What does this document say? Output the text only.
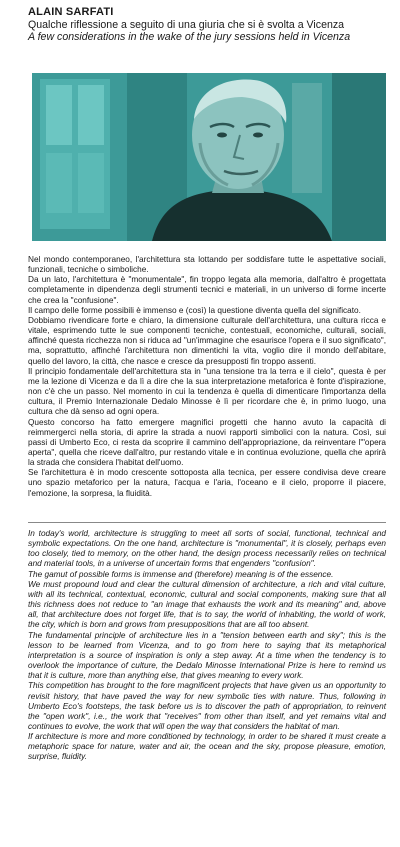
ALAIN SARFATI

Qualche riflessione a seguito di una giuria che si è svolta a Vicenza

A few considerations in the wake of the jury sessions held in Vicenza

Nel mondo contemporaneo, l'architettura sta lottando per soddisfare tutte le aspettative sociali, funzionali, tecniche o simboliche.

Da un lato, l'architettura è "monumentale", fin troppo legata alla memoria, dall'altro è progettata completamente in dipendenza degli strumenti tecnici e materiali, in un universo di forme incerte che crea la "confusione".

Il campo delle forme possibili è immenso e (così) la questione diventa quella del significato.

Dobbiamo rivendicare forte e chiaro, la dimensione culturale dell'architettura, una cultura ricca e vitale, esprimendo tutte le sue componenti tecniche, contestuali, economiche, culturali, sociali, affinché questa ricchezza non si riduca ad "un'immagine che esaurisce l'opera e il suo significato", ma, soprattutto, affinché l'architettura non dimentichi la vita, voglio dire il mondo dell'abitare, quello del lavoro, la città, che nasce e cresce da presupposti fin troppo assenti.

Il principio fondamentale dell'architettura sta in "una tensione tra la terra e il cielo", questa è per me la lezione di Vicenza e da lì a dire che la sua interpretazione metaforica è fonte d'ispirazione, non c'è che un passo. Nel momento in cui la tendenza è quella di dimenticare l'importanza della cultura, il Premio Internazionale Dedalo Minosse è lì per ricordare che è, in primo luogo, una cultura che dà senso ad ogni opera.

Questo concorso ha fatto emergere magnifici progetti che hanno avuto la capacità di reimmergerci nella storia, di aprire la strada a nuovi rapporti simbolici con la natura. Così, sui passi di Umberto Eco, ci resta da scoprire il cammino dell'appropriazione, da reinventare l'"opera aperta", quella che riceve dall'altro, pur restando vitale e in continua evoluzione, quella che aprirà la strada che considera l'habitat dell'uomo.

Se l'architettura è in modo crescente sottoposta alla tecnica, per essere condivisa deve creare uno spazio metaforico per la natura, l'acqua e l'aria, l'oceano e il cielo, proporre il piacere, l'emozione, la sorpresa, la fluidità.

In today's world, architecture is struggling to meet all sorts of social, functional, technical and symbolic expectations. On the one hand, architecture is "monumental", it is closely, perhaps even too closely, tied to memory, on the other hand, the design process necessarily relies on technical and material tools, in a universe of uncertain forms that engenders "confusion".

The gamut of possible forms is immense and (therefore) meaning is of the essence.

We must propound loud and clear the cultural dimension of architecture, a rich and vital culture, with all its technical, contextual, economic, cultural and social components, making sure that all this richness does not reduce to "an image that exhausts the work and its meaning" and, above all, that architecture does not forget life, that is to say, the world of inhabiting, the world of work, the city, which is born and grows from presuppositions that are all too absent.

The fundamental principle of architecture lies in a "tension between earth and sky"; this is the lesson to be learned from Vicenza, and to go from here to saying that its metaphorical interpretation is a source of inspiration is only a step away. At a time when the tendency is to overlook the importance of culture, the Dedalo Minosse International Prize is here to remind us that it is culture, more than anything else, that gives meaning to every work.

This competition has brought to the fore magnificent projects that have given us an opportunity to revisit history, that have paved the way for new symbolic ties with nature. Thus, following in Umberto Eco's footsteps, the task before us is to discover the path of appropriation, to reinvent the "open work", i.e., the work that "receives" from other than itself, and yet remains vital and continues to evolve, the work that will open the way that considers the habitat of man.

If architecture is more and more conditioned by technology, in order to be shared it must create a metaphoric space for nature, water and air, the ocean and the sky, propose pleasure, emotion, surprise, fluidity.
